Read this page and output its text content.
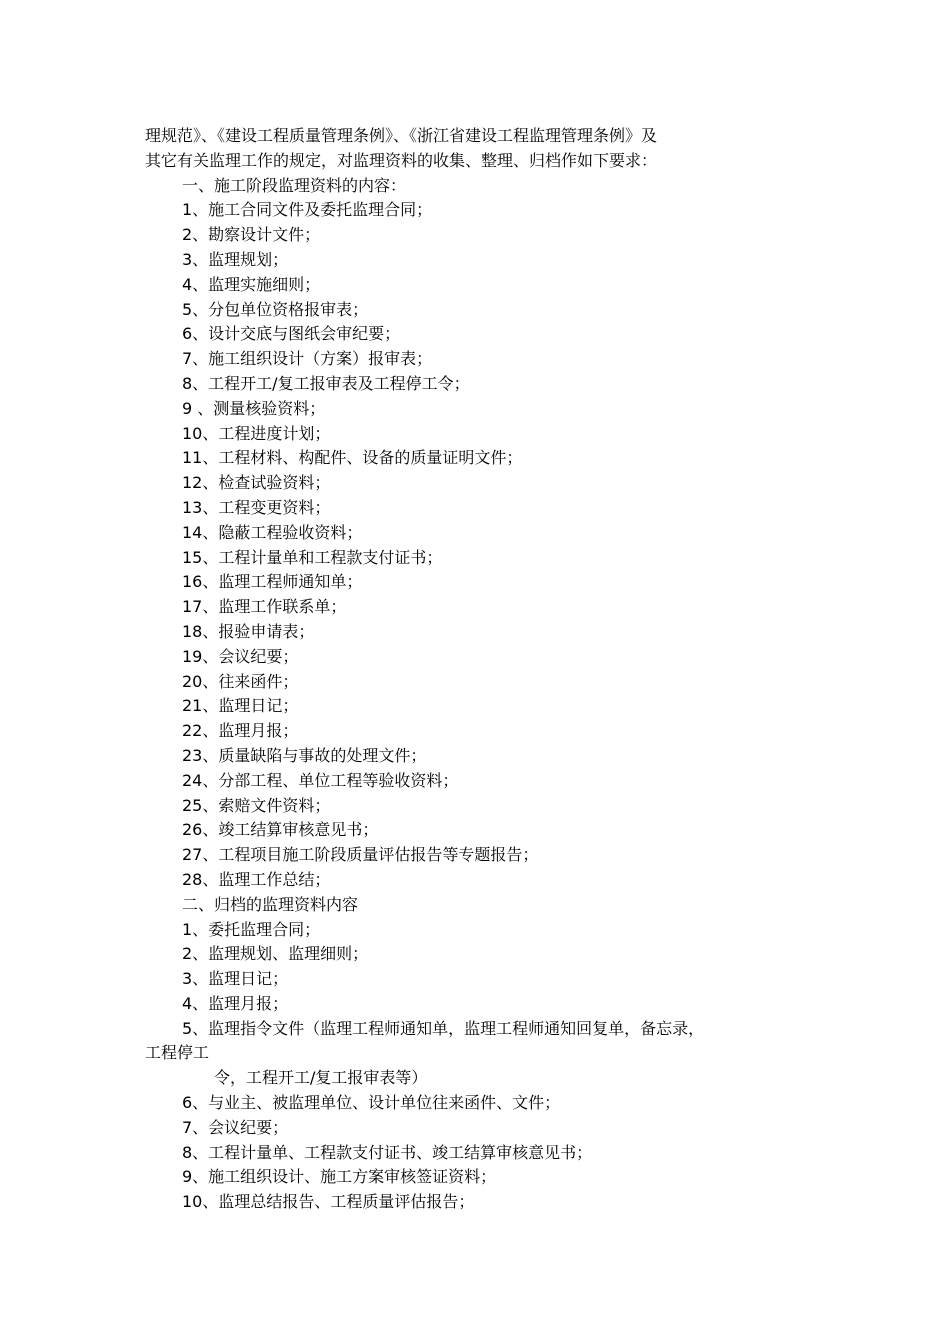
理规范》、《建设工程质量管理条例》、《浙江省建设工程监理管理条例》及
其它有关监理工作的规定，对监理资料的收集、整理、归档作如下要求：
一、施工阶段监理资料的内容：
1、施工合同文件及委托监理合同；
2、勘察设计文件；
3、监理规划；
4、监理实施细则；
5、分包单位资格报审表；
6、设计交底与图纸会审纪要；
7、施工组织设计（方案）报审表；
8、工程开工/复工报审表及工程停工令；
9 、测量核验资料；
10、工程进度计划；
11、工程材料、构配件、设备的质量证明文件；
12、检查试验资料；
13、工程变更资料；
14、隐蔽工程验收资料；
15、工程计量单和工程款支付证书；
16、监理工程师通知单；
17、监理工作联系单；
18、报验申请表；
19、会议纪要；
20、往来函件；
21、监理日记；
22、监理月报；
23、质量缺陷与事故的处理文件；
24、分部工程、单位工程等验收资料；
25、索赔文件资料；
26、竣工结算审核意见书；
27、工程项目施工阶段质量评估报告等专题报告；
28、监理工作总结；
二、归档的监理资料内容
1、委托监理合同；
2、监理规划、监理细则；
3、监理日记；
4、监理月报；
5、监理指令文件（监理工程师通知单，监理工程师通知回复单，备忘录，
工程停工
令，工程开工/复工报审表等）
6、与业主、被监理单位、设计单位往来函件、文件；
7、会议纪要；
8、工程计量单、工程款支付证书、竣工结算审核意见书；
9、施工组织设计、施工方案审核签证资料；
10、监理总结报告、工程质量评估报告；
